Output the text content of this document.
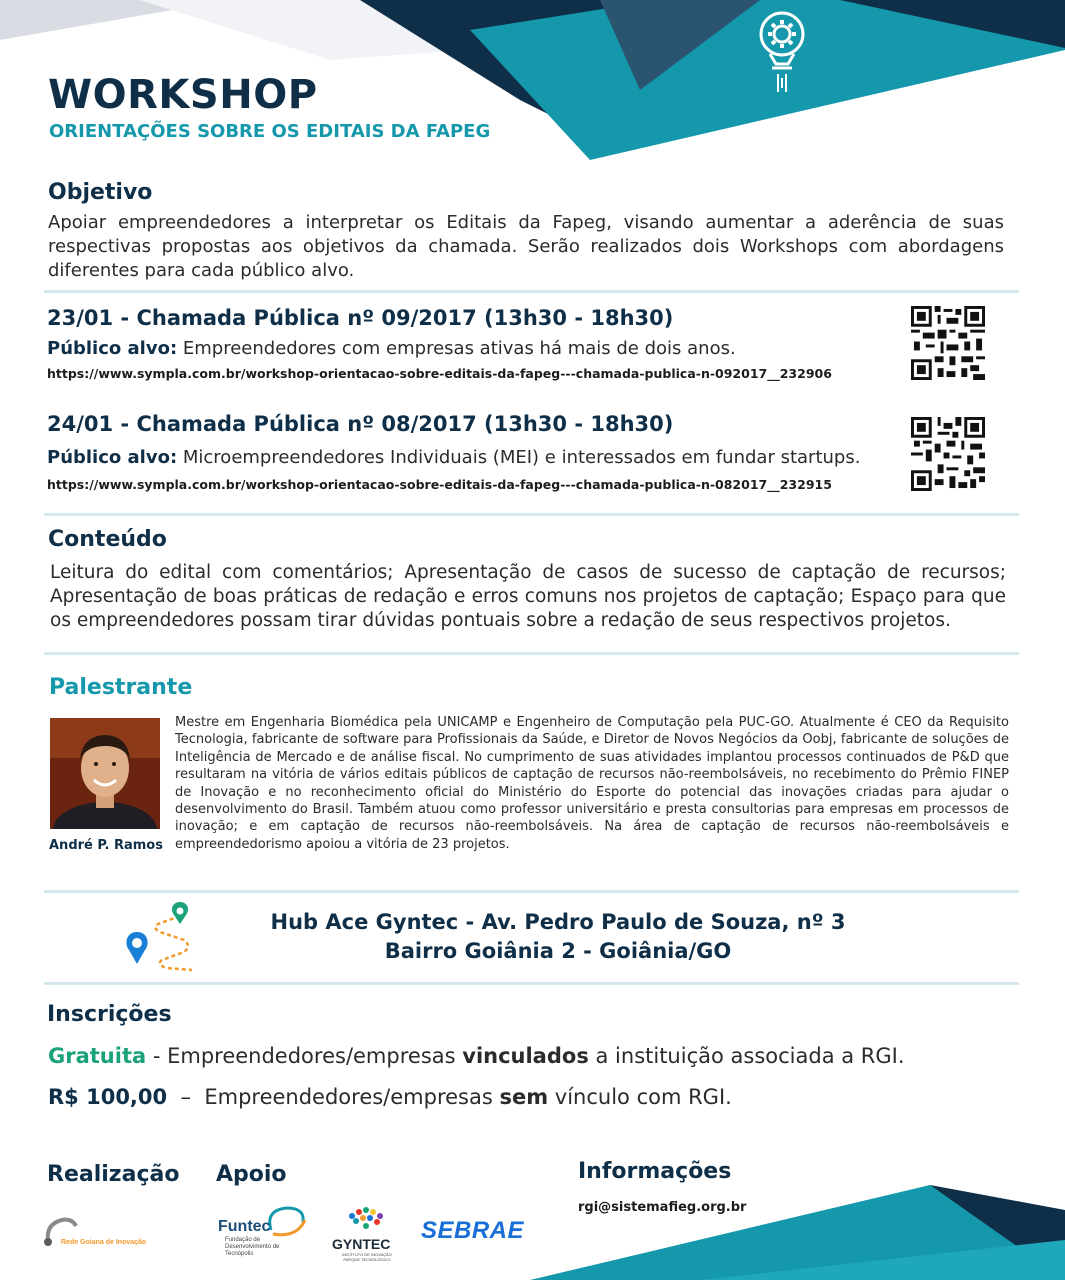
WORKSHOP
ORIENTAÇÕES SOBRE OS EDITAIS DA FAPEG
Objetivo
Apoiar empreendedores a interpretar os Editais da Fapeg, visando aumentar a aderência de suas respectivas propostas aos objetivos da chamada. Serão realizados dois Workshops com abordagens diferentes para cada público alvo.
23/01 - Chamada Pública nº 09/2017 (13h30 - 18h30)
Público alvo: Empreendedores com empresas ativas há mais de dois anos.
https://www.sympla.com.br/workshop-orientacao-sobre-editais-da-fapeg---chamada-publica-n-092017__232906
24/01 - Chamada Pública nº 08/2017 (13h30 - 18h30)
Público alvo: Microempreendedores Individuais (MEI) e interessados em fundar startups.
https://www.sympla.com.br/workshop-orientacao-sobre-editais-da-fapeg---chamada-publica-n-082017__232915
Conteúdo
Leitura do edital com comentários; Apresentação de casos de sucesso de captação de recursos; Apresentação de boas práticas de redação e erros comuns nos projetos de captação; Espaço para que os empreendedores possam tirar dúvidas pontuais sobre a redação de seus respectivos projetos.
Palestrante
André P. Ramos
Mestre em Engenharia Biomédica pela UNICAMP e Engenheiro de Computação pela PUC-GO. Atualmente é CEO da Requisito Tecnologia, fabricante de software para Profissionais da Saúde, e Diretor de Novos Negócios da Oobj, fabricante de soluções de Inteligência de Mercado e de análise fiscal. No cumprimento de suas atividades implantou processos continuados de P&D que resultaram na vitória de vários editais públicos de captação de recursos não-reembolsáveis, no recebimento do Prêmio FINEP de Inovação e no reconhecimento oficial do Ministério do Esporte do potencial das inovações criadas para ajudar o desenvolvimento do Brasil. Também atuou como professor universitário e presta consultorias para empresas em processos de inovação; e em captação de recursos não-reembolsáveis. Na área de captação de recursos não-reembolsáveis e empreendedorismo apoiou a vitória de 23 projetos.
Hub Ace Gyntec - Av. Pedro Paulo de Souza, nº 3
Bairro Goiânia 2 - Goiânia/GO
Inscrições
Gratuita - Empreendedores/empresas vinculados a instituição associada a RGI.
R$ 100,00  –  Empreendedores/empresas sem vínculo com RGI.
Realização Apoio	Informações
rgi@sistemafieg.org.br
Rede Goiana de Inovação
Funtec
Fundação de Desenvolvimento de Tecnópolis
GYNTEC
INSTITUTO DE INOVAÇÃO PARQUE TECNOLÓGICO
SEBRAE
